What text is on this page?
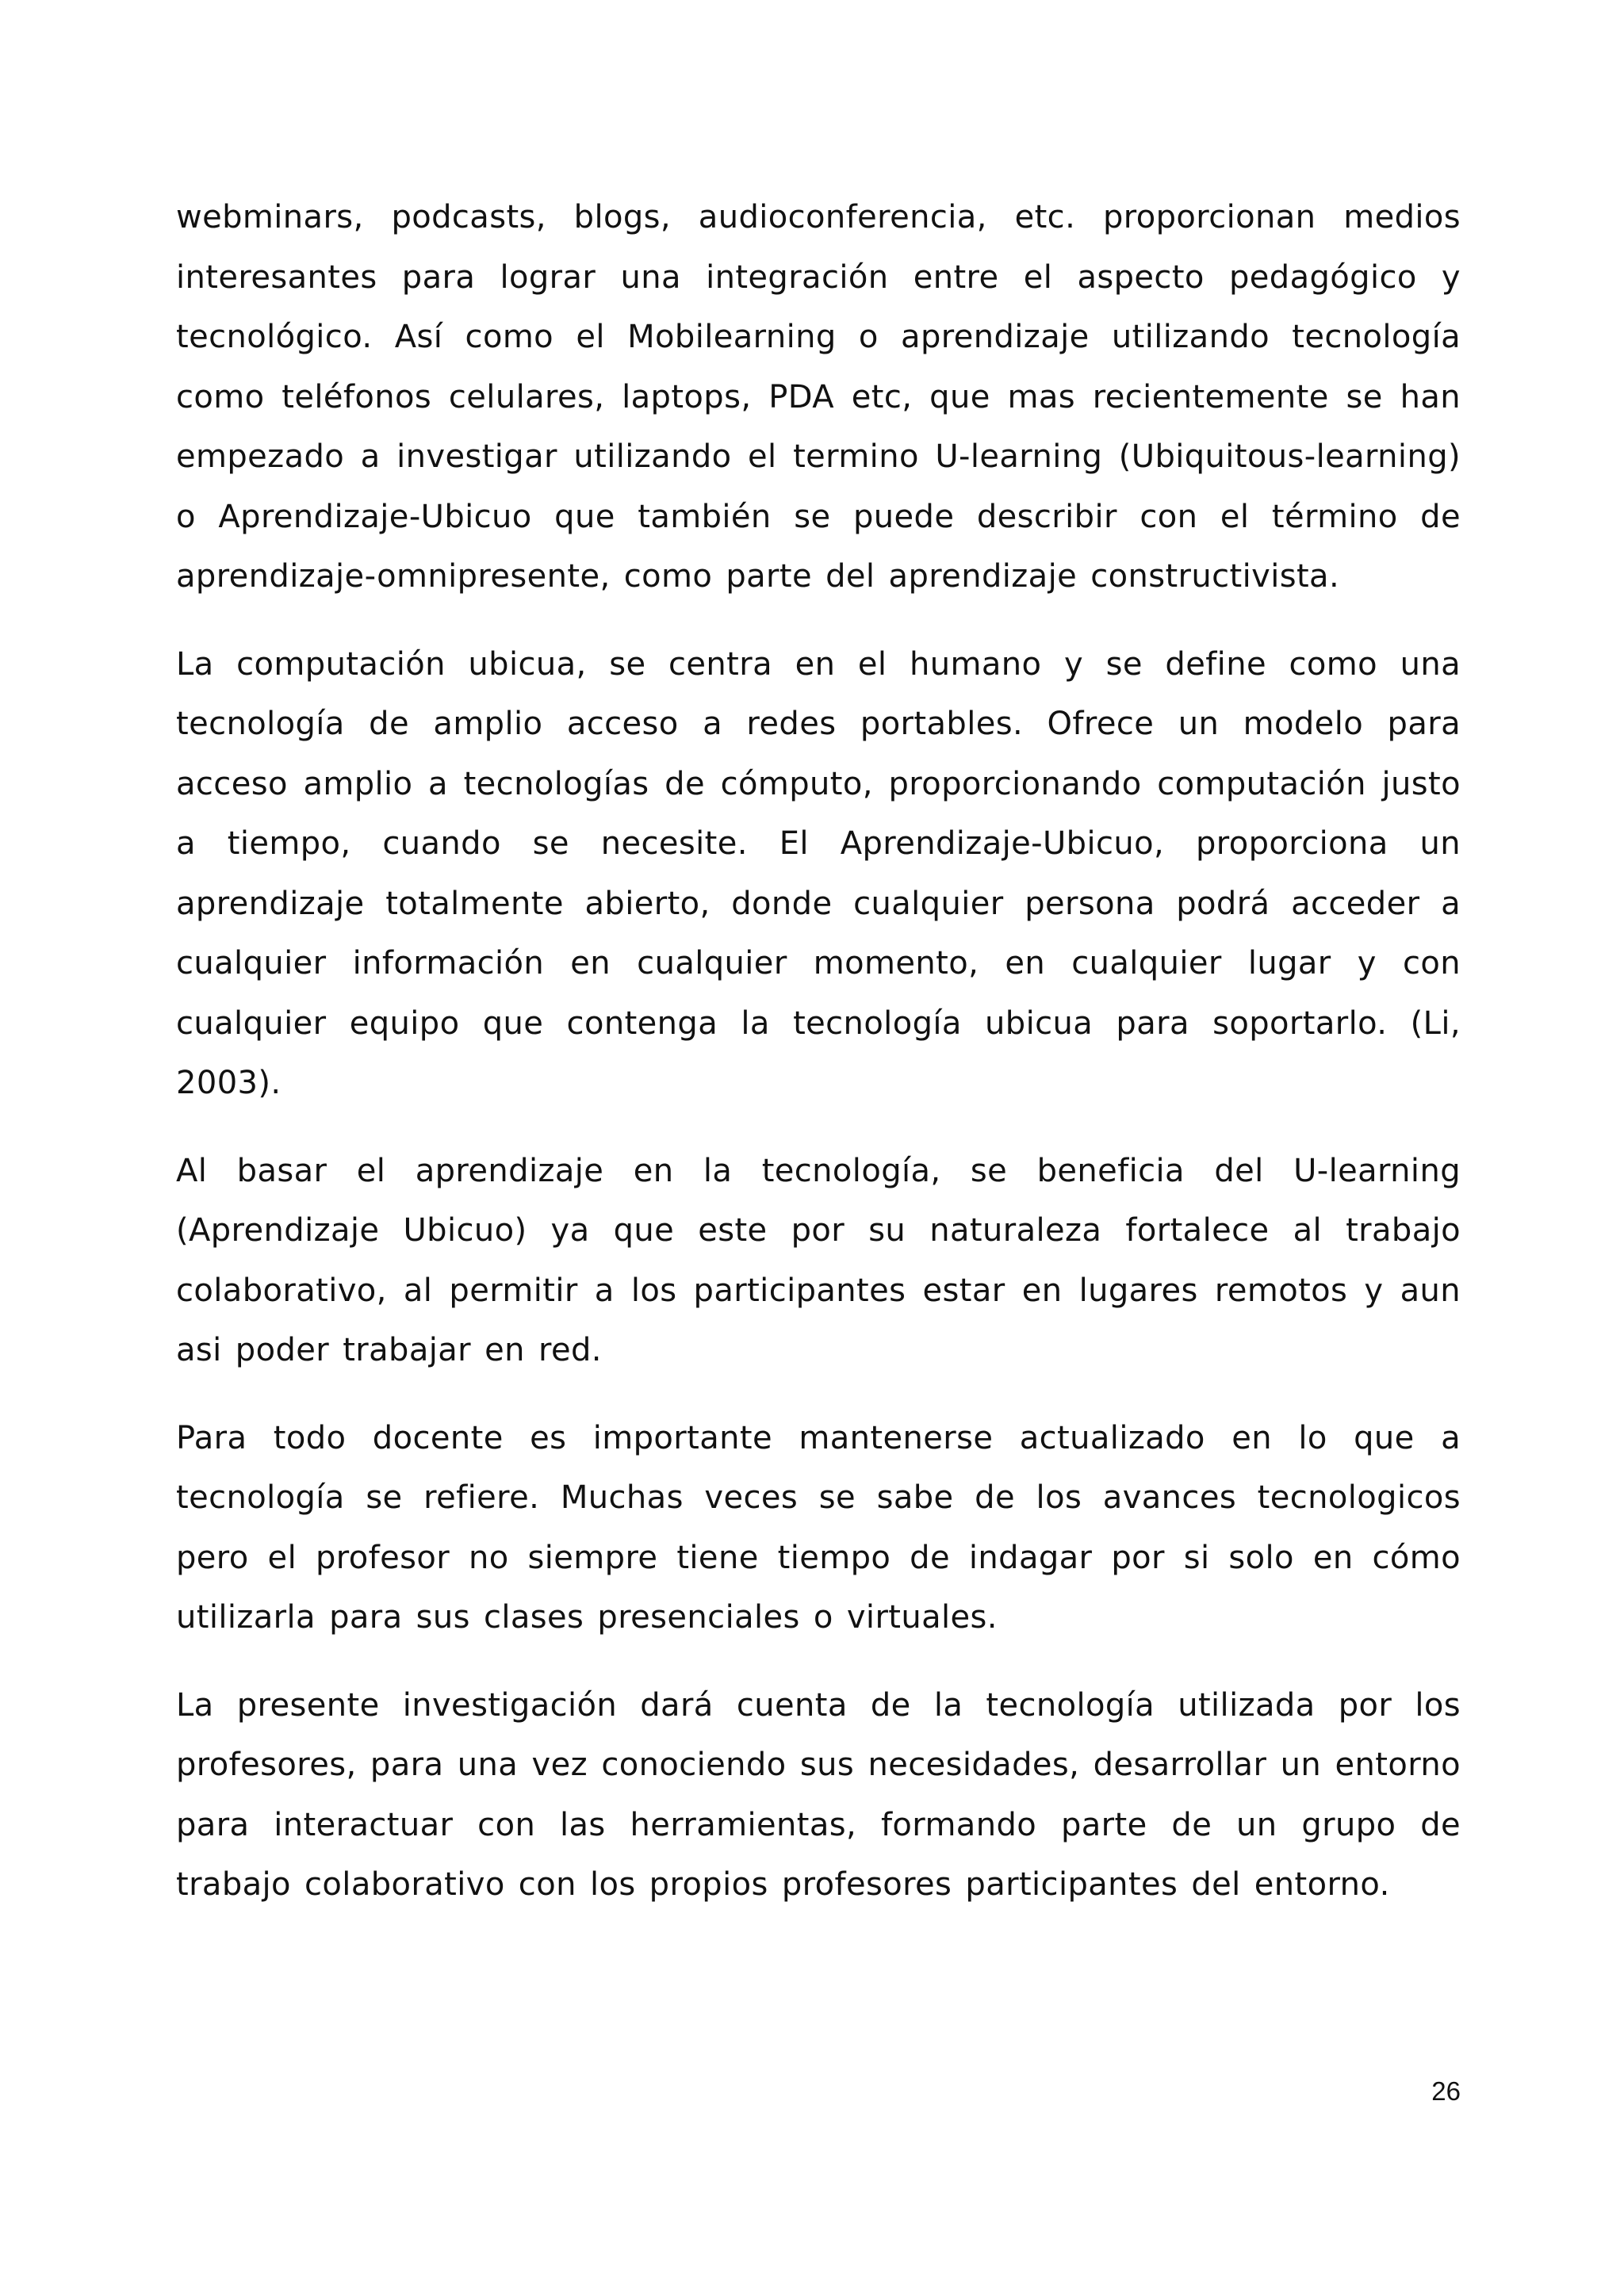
webminars, podcasts, blogs, audioconferencia, etc. proporcionan medios interesantes para lograr una integración entre el aspecto pedagógico y tecnológico. Así como el Mobilearning o aprendizaje utilizando tecnología como teléfonos celulares, laptops, PDA etc, que mas recientemente se han empezado a investigar utilizando el termino U-learning (Ubiquitous-learning) o Aprendizaje-Ubicuo que también se puede describir con el término de aprendizaje-omnipresente, como parte del aprendizaje constructivista.

La computación ubicua, se centra en el humano y se define como una tecnología de amplio acceso a redes portables. Ofrece un modelo para acceso amplio a tecnologías de cómputo, proporcionando computación justo a tiempo, cuando se necesite. El Aprendizaje-Ubicuo, proporciona un aprendizaje totalmente abierto, donde cualquier persona podrá acceder a cualquier información en cualquier momento, en cualquier lugar y con cualquier equipo que contenga la tecnología ubicua para soportarlo. (Li, 2003).

Al basar el aprendizaje en la tecnología, se beneficia del U-learning (Aprendizaje Ubicuo) ya que este por su naturaleza fortalece al trabajo colaborativo, al permitir a los participantes estar en lugares remotos y aun asi poder trabajar en red.

Para todo docente es importante mantenerse actualizado en lo que a tecnología se refiere. Muchas veces se sabe de los avances tecnologicos pero el profesor no siempre tiene tiempo de indagar por si solo en cómo utilizarla para sus clases presenciales o virtuales.

La presente investigación dará cuenta de la tecnología utilizada por los profesores, para una vez conociendo sus necesidades, desarrollar un entorno para interactuar con las herramientas, formando parte de un grupo de trabajo colaborativo con los propios profesores participantes del entorno.

26
